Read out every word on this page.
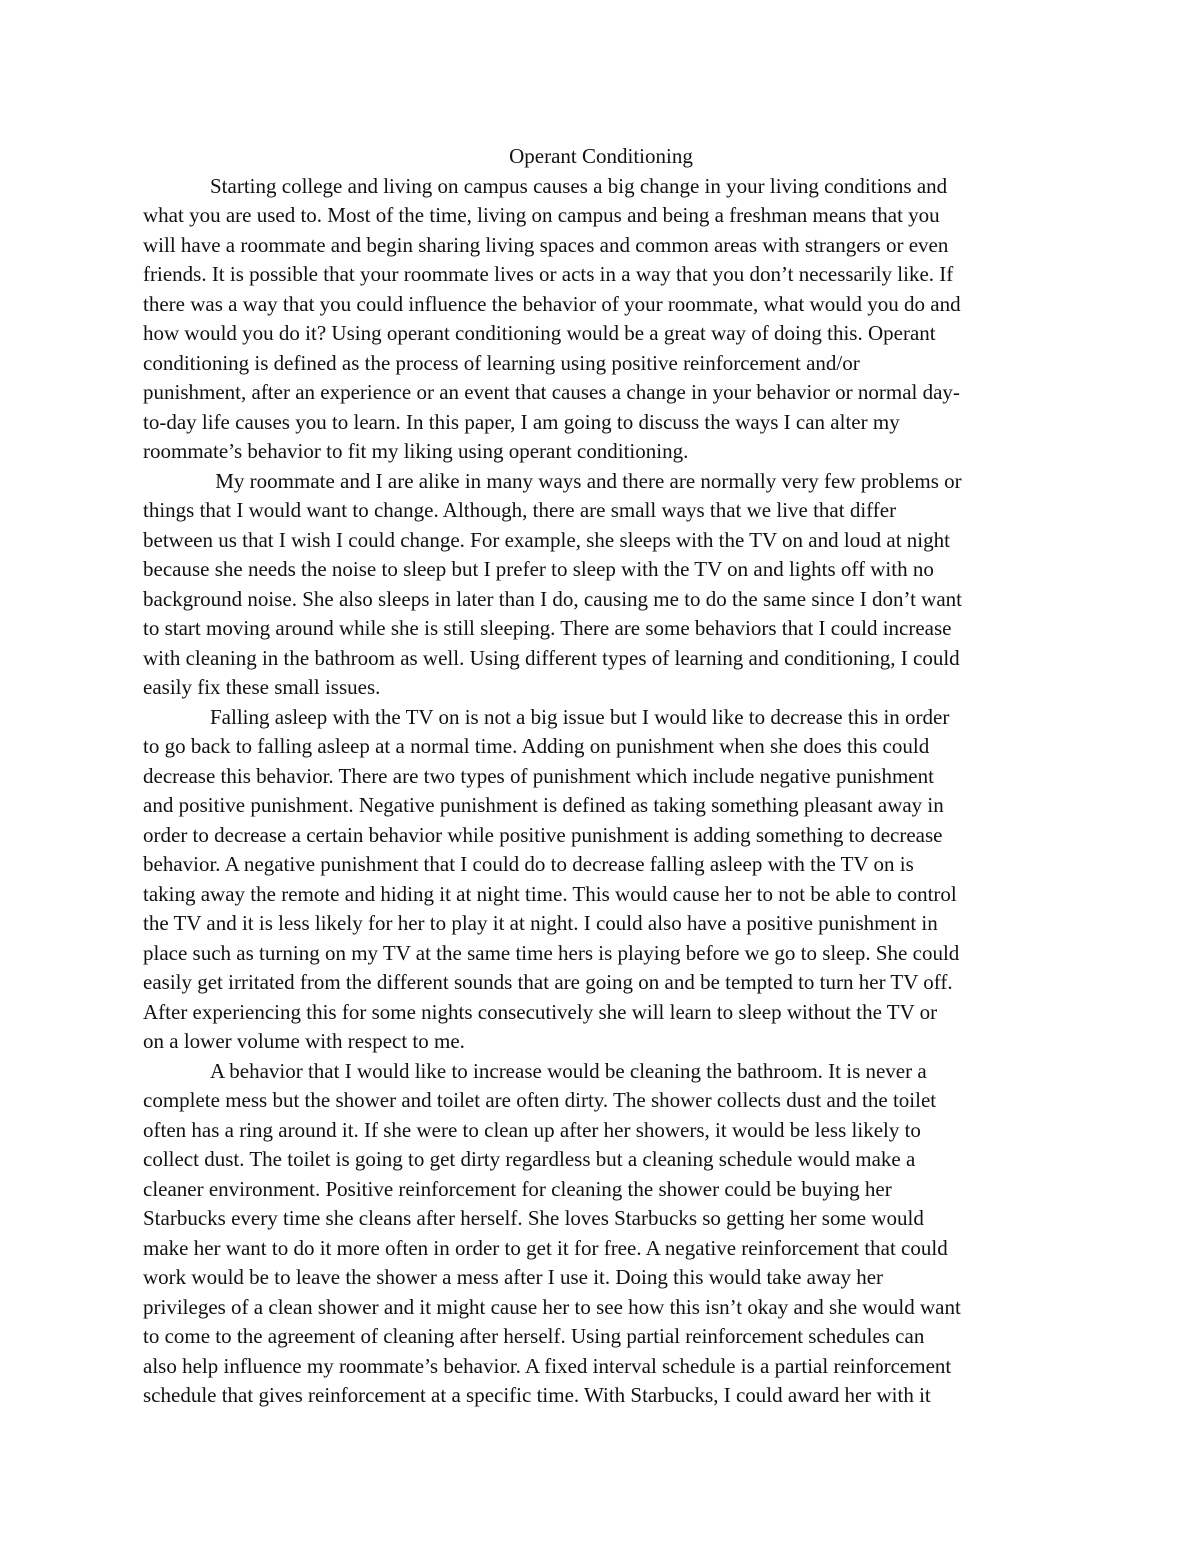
Operant Conditioning
Starting college and living on campus causes a big change in your living conditions and
what you are used to. Most of the time, living on campus and being a freshman means that you
will have a roommate and begin sharing living spaces and common areas with strangers or even
friends. It is possible that your roommate lives or acts in a way that you don’t necessarily like. If
there was a way that you could influence the behavior of your roommate, what would you do and
how would you do it? Using operant conditioning would be a great way of doing this. Operant
conditioning is defined as the process of learning using positive reinforcement and/or
punishment, after an experience or an event that causes a change in your behavior or normal day-
to-day life causes you to learn. In this paper, I am going to discuss the ways I can alter my
roommate’s behavior to fit my liking using operant conditioning.
My roommate and I are alike in many ways and there are normally very few problems or
things that I would want to change. Although, there are small ways that we live that differ
between us that I wish I could change. For example, she sleeps with the TV on and loud at night
because she needs the noise to sleep but I prefer to sleep with the TV on and lights off with no
background noise. She also sleeps in later than I do, causing me to do the same since I don’t want
to start moving around while she is still sleeping. There are some behaviors that I could increase
with cleaning in the bathroom as well. Using different types of learning and conditioning, I could
easily fix these small issues.
Falling asleep with the TV on is not a big issue but I would like to decrease this in order
to go back to falling asleep at a normal time. Adding on punishment when she does this could
decrease this behavior. There are two types of punishment which include negative punishment
and positive punishment. Negative punishment is defined as taking something pleasant away in
order to decrease a certain behavior while positive punishment is adding something to decrease
behavior. A negative punishment that I could do to decrease falling asleep with the TV on is
taking away the remote and hiding it at night time. This would cause her to not be able to control
the TV and it is less likely for her to play it at night. I could also have a positive punishment in
place such as turning on my TV at the same time hers is playing before we go to sleep. She could
easily get irritated from the different sounds that are going on and be tempted to turn her TV off.
After experiencing this for some nights consecutively she will learn to sleep without the TV or
on a lower volume with respect to me.
A behavior that I would like to increase would be cleaning the bathroom. It is never a
complete mess but the shower and toilet are often dirty. The shower collects dust and the toilet
often has a ring around it. If she were to clean up after her showers, it would be less likely to
collect dust. The toilet is going to get dirty regardless but a cleaning schedule would make a
cleaner environment. Positive reinforcement for cleaning the shower could be buying her
Starbucks every time she cleans after herself. She loves Starbucks so getting her some would
make her want to do it more often in order to get it for free. A negative reinforcement that could
work would be to leave the shower a mess after I use it. Doing this would take away her
privileges of a clean shower and it might cause her to see how this isn’t okay and she would want
to come to the agreement of cleaning after herself. Using partial reinforcement schedules can
also help influence my roommate’s behavior. A fixed interval schedule is a partial reinforcement
schedule that gives reinforcement at a specific time. With Starbucks, I could award her with it
